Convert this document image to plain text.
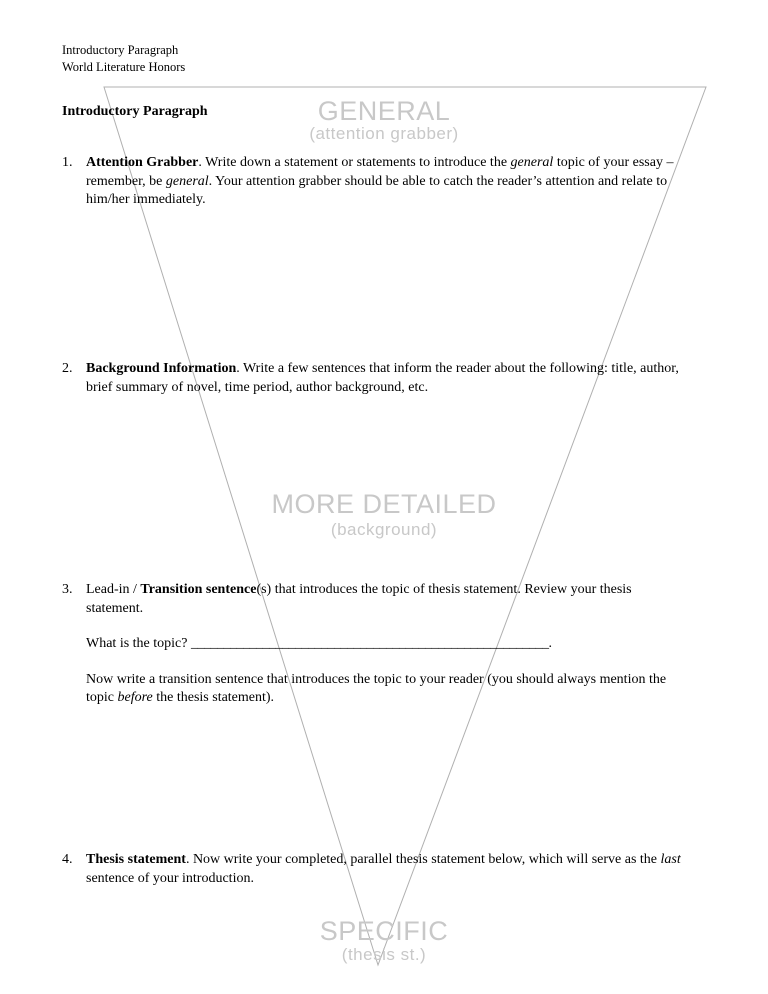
GENERAL
(attention grabber)
MORE DETAILED
(background)
SPECIFIC
(thesis st.)
Introductory Paragraph
World Literature Honors
Introductory Paragraph
1. Attention Grabber. Write down a statement or statements to introduce the general topic of your essay – remember, be general. Your attention grabber should be able to catch the reader’s attention and relate to him/her immediately.
2. Background Information. Write a few sentences that inform the reader about the following: title, author, brief summary of novel, time period, author background, etc.
3. Lead-in / Transition sentence(s) that introduces the topic of thesis statement. Review your thesis statement.
What is the topic? _______________________________________________________.
Now write a transition sentence that introduces the topic to your reader (you should always mention the topic before the thesis statement).
4. Thesis statement. Now write your completed, parallel thesis statement below, which will serve as the last sentence of your introduction.
